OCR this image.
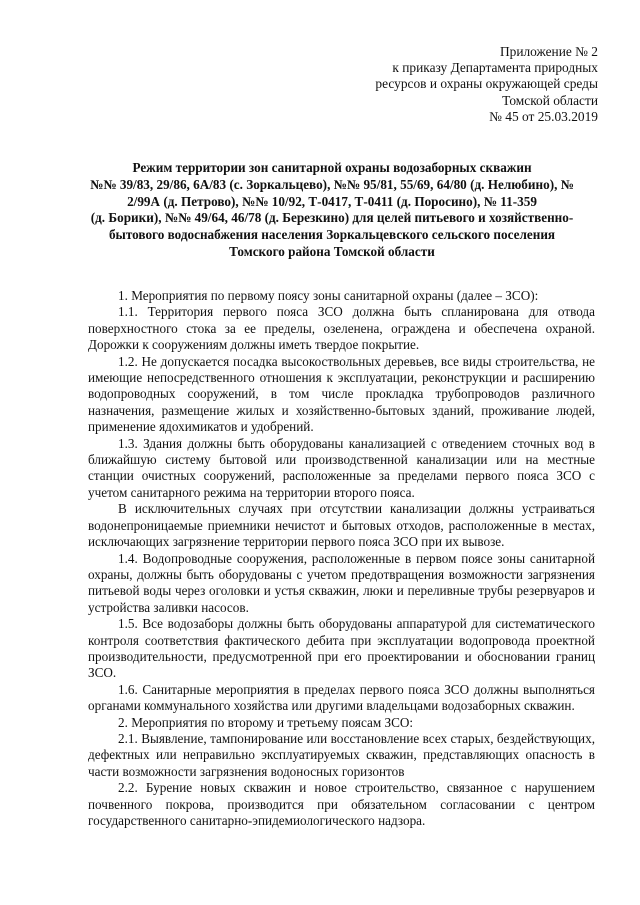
Приложение № 2
к приказу Департамента природных
ресурсов и охраны окружающей среды
Томской области
№ 45 от 25.03.2019
Режим территории зон санитарной охраны водозаборных скважин
№№ 39/83, 29/86, 6А/83 (с. Зоркальцево), №№ 95/81, 55/69, 64/80 (д. Нелюбино), №
2/99А (д. Петрово), №№ 10/92, Т-0417, Т-0411 (д. Поросино), № 11-359
(д. Борики), №№ 49/64, 46/78 (д. Березкино) для целей питьевого и хозяйственно-
бытового водоснабжения населения Зоркальцевского сельского поселения
Томского района Томской области

1. Мероприятия по первому поясу зоны санитарной охраны (далее – ЗСО):

1.1. Территория первого пояса ЗСО должна быть спланирована для отвода поверхностного стока за ее пределы, озеленена, ограждена и обеспечена охраной. Дорожки к сооружениям должны иметь твердое покрытие.

1.2. Не допускается посадка высокоствольных деревьев, все виды строительства, не имеющие непосредственного отношения к эксплуатации, реконструкции и расширению водопроводных сооружений, в том числе прокладка трубопроводов различного назначения, размещение жилых и хозяйственно-бытовых зданий, проживание людей, применение ядохимикатов и удобрений.

1.3. Здания должны быть оборудованы канализацией с отведением сточных вод в ближайшую систему бытовой или производственной канализации или на местные станции очистных сооружений, расположенные за пределами первого пояса ЗСО с учетом санитарного режима на территории второго пояса.

В исключительных случаях при отсутствии канализации должны устраиваться водонепроницаемые приемники нечистот и бытовых отходов, расположенные в местах, исключающих загрязнение территории первого пояса ЗСО при их вывозе.

1.4. Водопроводные сооружения, расположенные в первом поясе зоны санитарной охраны, должны быть оборудованы с учетом предотвращения возможности загрязнения питьевой воды через оголовки и устья скважин, люки и переливные трубы резервуаров и устройства заливки насосов.

1.5. Все водозаборы должны быть оборудованы аппаратурой для систематического контроля соответствия фактического дебита при эксплуатации водопровода проектной производительности, предусмотренной при его проектировании и обосновании границ ЗСО.

1.6. Санитарные мероприятия в пределах первого пояса ЗСО должны выполняться органами коммунального хозяйства или другими владельцами водозаборных скважин.

2. Мероприятия по второму и третьему поясам ЗСО:

2.1. Выявление, тампонирование или восстановление всех старых, бездействующих, дефектных или неправильно эксплуатируемых скважин, представляющих опасность в части возможности загрязнения водоносных горизонтов

2.2. Бурение новых скважин и новое строительство, связанное с нарушением почвенного покрова, производится при обязательном согласовании с центром государственного санитарно-эпидемиологического надзора.
